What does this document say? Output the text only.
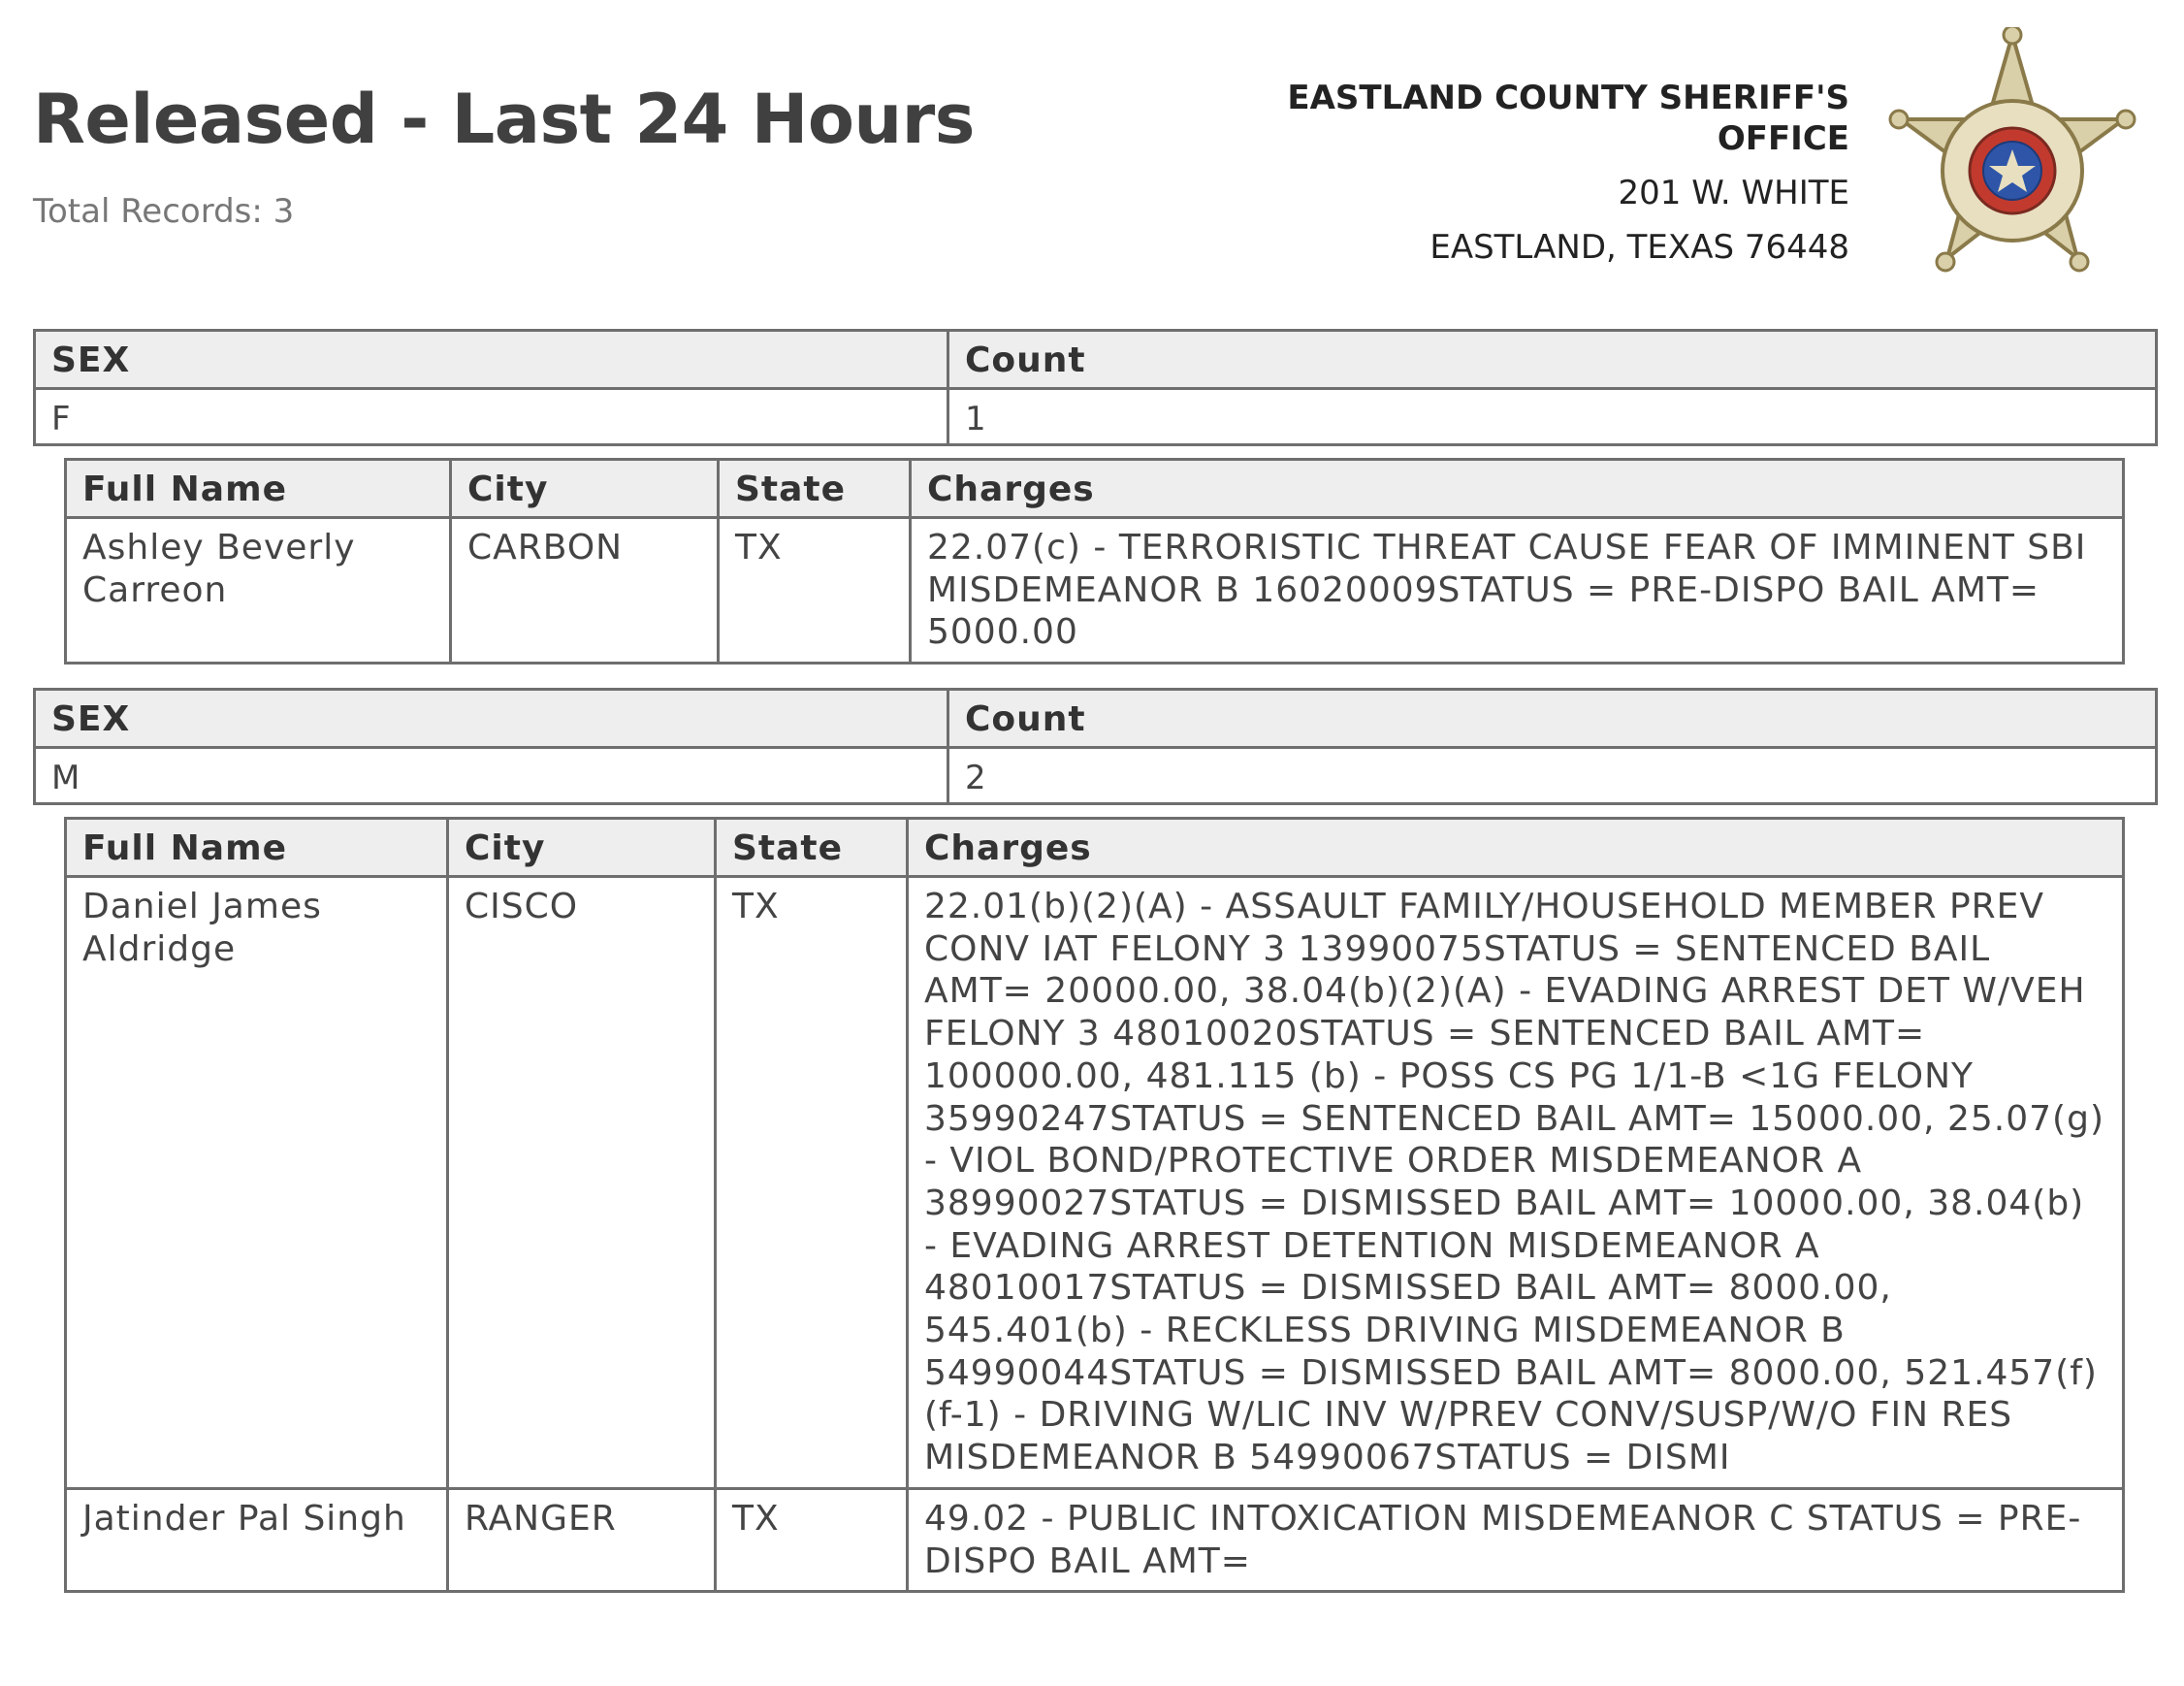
Released - Last 24 Hours
Total Records: 3
EASTLAND COUNTY SHERIFF'S
OFFICE
201 W. WHITE
EASTLAND, TEXAS 76448
SEX	Count
F	1
Full Name	City	State	Charges
Ashley Beverly Carreon	CARBON	TX	22.07(c) - TERRORISTIC THREAT CAUSE FEAR OF IMMINENT SBI MISDEMEANOR B 16020009STATUS = PRE-DISPO BAIL AMT= 5000.00
SEX	Count
M	2
Full Name	City	State	Charges
Daniel James Aldridge	CISCO	TX	22.01(b)(2)(A) - ASSAULT FAMILY/HOUSEHOLD MEMBER PREV CONV IAT FELONY 3 13990075STATUS = SENTENCED BAIL AMT= 20000.00, 38.04(b)(2)(A) - EVADING ARREST DET W/VEH FELONY 3 48010020STATUS = SENTENCED BAIL AMT= 100000.00, 481.115 (b) - POSS CS PG 1/1-B <1G FELONY 35990247STATUS = SENTENCED BAIL AMT= 15000.00, 25.07(g) - VIOL BOND/PROTECTIVE ORDER MISDEMEANOR A 38990027STATUS = DISMISSED BAIL AMT= 10000.00, 38.04(b) - EVADING ARREST DETENTION MISDEMEANOR A 48010017STATUS = DISMISSED BAIL AMT= 8000.00, 545.401(b) - RECKLESS DRIVING MISDEMEANOR B 54990044STATUS = DISMISSED BAIL AMT= 8000.00, 521.457(f)(f-1) - DRIVING W/LIC INV W/PREV CONV/SUSP/W/O FIN RES MISDEMEANOR B 54990067STATUS = DISMI
Jatinder Pal Singh	RANGER	TX	49.02 - PUBLIC INTOXICATION MISDEMEANOR C STATUS = PRE-DISPO BAIL AMT=
